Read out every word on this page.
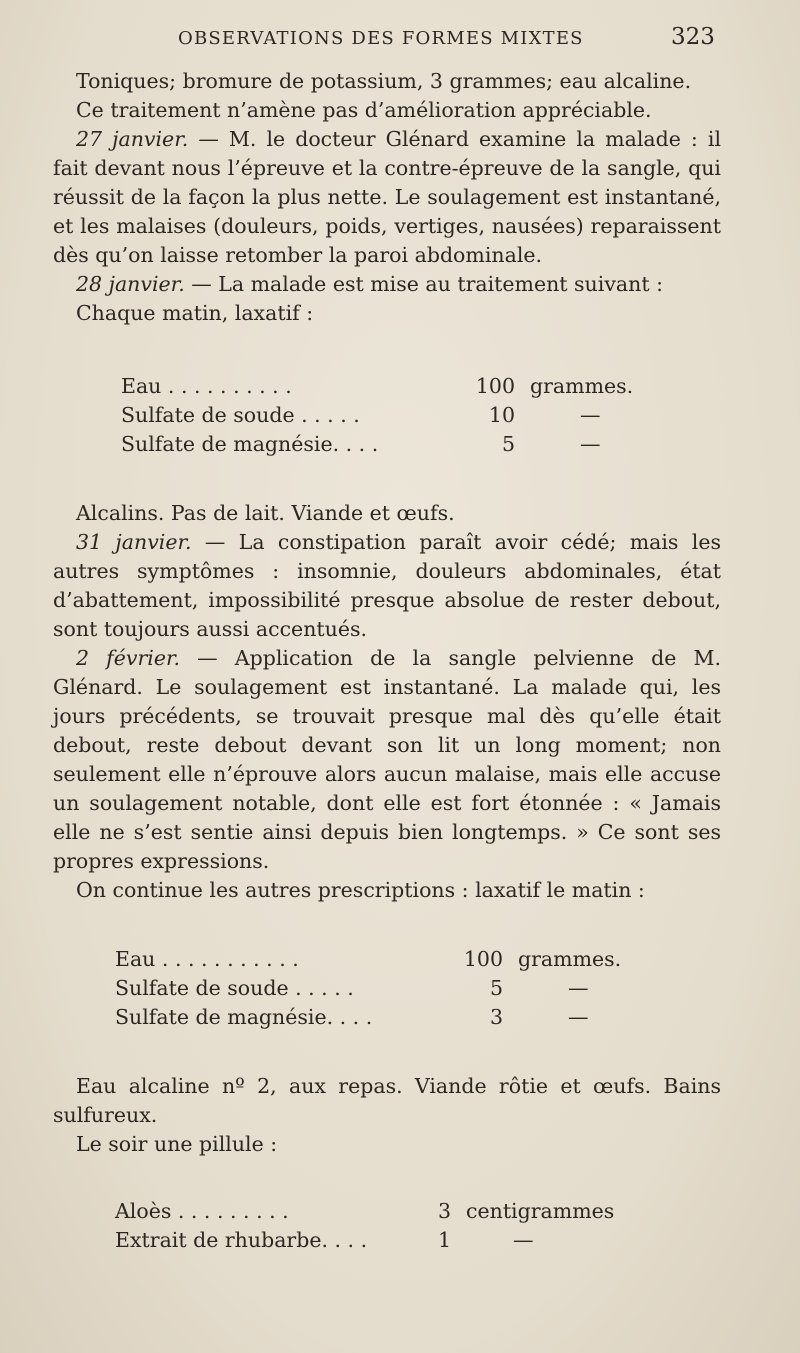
OBSERVATIONS DES FORMES MIXTES	323

Toniques; bromure de potassium, 3 grammes; eau alcaline.

Ce traitement n’amène pas d’amélioration appréciable.

27 janvier. — M. le docteur Glénard examine la malade : il fait devant nous l’épreuve et la contre-épreuve de la sangle, qui réussit de la façon la plus nette. Le soulagement est instantané, et les malaises (douleurs, poids, vertiges, nausées) reparaissent dès qu’on laisse retomber la paroi abdominale.

28 janvier. — La malade est mise au traitement suivant :

Chaque matin, laxatif :

Eau . . . . . . . . . .	100 grammes.
Sulfate de soude . . . . .	10	—
Sulfate de magnésie. . . .	5	—

Alcalins. Pas de lait. Viande et œufs.

31 janvier. — La constipation paraît avoir cédé; mais les autres symptômes : insomnie, douleurs abdominales, état d’abattement, impossibilité presque absolue de rester debout, sont toujours aussi accentués.

2 février. — Application de la sangle pelvienne de M. Glénard. Le soulagement est instantané. La malade qui, les jours précédents, se trouvait presque mal dès qu’elle était debout, reste debout devant son lit un long moment; non seulement elle n’éprouve alors aucun malaise, mais elle accuse un soulagement notable, dont elle est fort étonnée : « Jamais elle ne s’est sentie ainsi depuis bien longtemps. » Ce sont ses propres expressions.

On continue les autres prescriptions : laxatif le matin :

Eau . . . . . . . . . . .	100 grammes.
Sulfate de soude . . . . .	5	—
Sulfate de magnésie. . . .	3	—

Eau alcaline nº 2, aux repas. Viande rôtie et œufs. Bains sulfureux.

Le soir une pillule :

Aloès . . . . . . . . .	3 centigrammes
Extrait de rhubarbe. . . .	1	—
